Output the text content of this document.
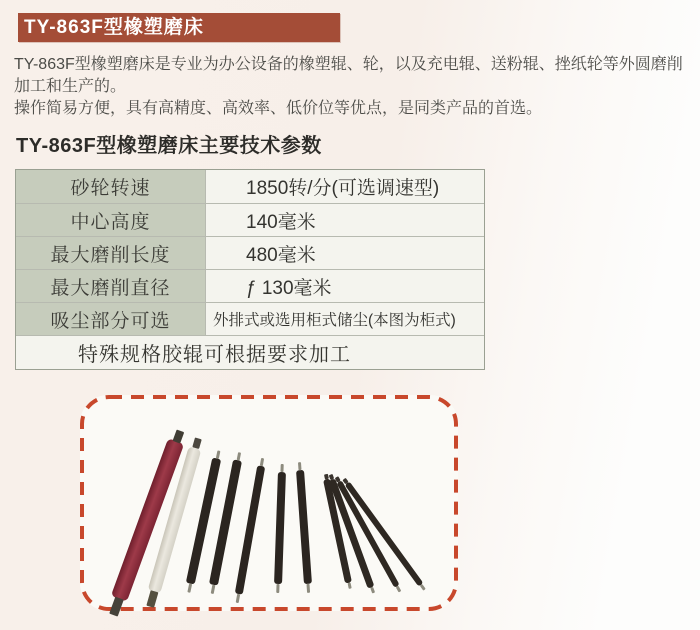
TY-863F型橡塑磨床

TY-863F型橡塑磨床是专业为办公设备的橡塑辊、轮，以及充电辊、送粉辊、挫纸轮等外圆磨削加工和生产的。

操作简易方便，具有高精度、高效率、低价位等优点，是同类产品的首选。

TY-863F型橡塑磨床主要技术参数
砂轮转速	1850转/分(可选调速型)
中心高度	140毫米
最大磨削长度	480毫米
最大磨削直径	ƒ 130毫米
吸尘部分可选	外排式或选用柜式储尘(本图为柜式)
特殊规格胶辊可根据要求加工
